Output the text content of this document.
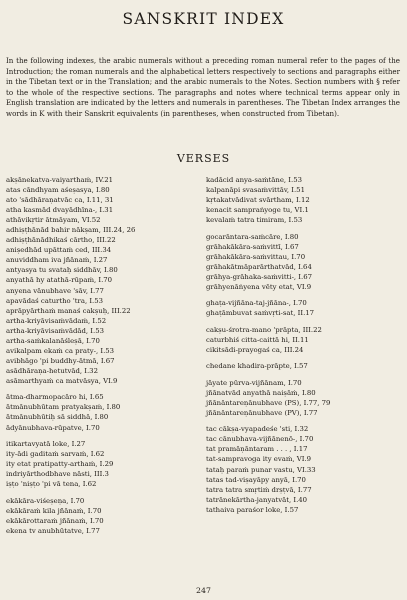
SANSKRIT INDEX
In the following indexes, the arabic numerals without a preceding roman numeral refer to the pages of the Introduction; the roman numerals and the alphabetical letters respectively to sections and paragraphs either in the Tibetan text or in the Translation; and the arabic numerals to the Notes. Section numbers with § refer to the whole of the respective sections. The paragraphs and notes where technical terms appear only in English translation are indicated by the letters and numerals in parentheses. The Tibetan Index arranges the words in K with their Sanskrit equivalents (in parentheses, when constructed from Tibetan).
VERSES
akṣānekatva-vaiyarthaṁ, IV.21
atas cāndhyam aśeṣasya, I.80
ato 'sādhāraṇatvāc ca, I.11, 31
atha kasmād dvayādhīna-, I.31
athāvikṛtir ātmāyam, VI.52
adhiṣṭhānād bahir nākṣam, III.24, 26
adhiṣṭhānādhikaś cārtho, III.22
aniṣedhād upāttaṁ ced, III.34
anuviddham iva jñānaṁ, I.27
antyasya tu svataḥ siddhāv, I.80
anyathā hy atathā-rūpaṁ, I.70
anyena vānubhave 'sāv, I.77
apavādaś caturtho 'tra, I.53
aprāpyārthaṁ manaś cakṣuḥ, III.22
artha-kriyāvisaṁvādaṁ, I.52
artha-kriyāvisaṁvādād, I.53
artha-saṁkalanāśleṣā, I.70
avikalpam ekaṁ ca praty-, I.53
avibhāgo 'pi buddhy-ātmā, I.67
asādhāraṇa-hetutvād, I.32
asāmarthyaṁ ca matvāsya, VI.9
ātma-dharmopacāro hi, I.65
ātmānubhūtam pratyakṣaṁ, I.80
ātmānubhūtiḥ sā siddhā, I.80
ādyānubhava-rūpatve, I.70
itikartavyatā loke, I.27
ity-ādi gaditaṁ sarvaṁ, I.62
ity etat pratipatty-arthaṁ, I.29
indriyārthodbhave nāsti, III.3
iṣṭo 'niṣṭo 'pi vā tena, I.62
ekākāra-viśeṣeṇa, I.70
ekākāraṁ kila jñānaṁ, I.70
ekākārottaraṁ jñānaṁ, I.70
ekena tv anubhūtatve, I.77
kadācid anya-saṁtāne, I.53
kalpanāpi svasaṁvittāv, I.51
kṛtakatvādivat svārtham, I.12
kenacit sampraṅyoge tu, VI.1
kevalaṁ tatra timiram, I.53
gocarāntara-saṁcāre, I.80
grāhakākāra-saṁvittī, I.67
grāhakākāra-saṁvittau, I.70
grāhakātmāparārthatvād, I.64
grāhya-grāhaka-saṁvitti-, I.67
grāhyenāṅyena vēty etat, VI.9
ghaṭa-vijñāna-taj-jñāna-, I.70
ghaṭāmbuvat saṁvṛti-sat, II.17
cakṣu-śrotra-mano 'prāpta, III.22
caturbhiś citta-caittā hi, II.11
cikitsādi-prayogaś ca, III.24
chedane khadira-prāpte, I.57
jāyate pūrva-vijñānam, I.70
jñānatvād anyathā naiṣāṁ, I.80
jñānāntareṇānubhave (PS), I.77, 79
jñānāntareṇānubhave (PV), I.77
tac cākṣa-vyapadeśe 'sti, I.32
tac cānubhava-vijñānenō-, I.70
tat pramāṇāntaram . . . , I.17
tat-sampravoga ity evaṁ, VI.9
tataḥ paraṁ punar vastu, VI.33
tatas tad-viṣayāpy anyā, I.70
tatra tatra smṛtiṁ drṣṭvā, I.77
tatrānekārtha-janyatvāt, I.40
tathaiva paraśor loke, I.57
247
